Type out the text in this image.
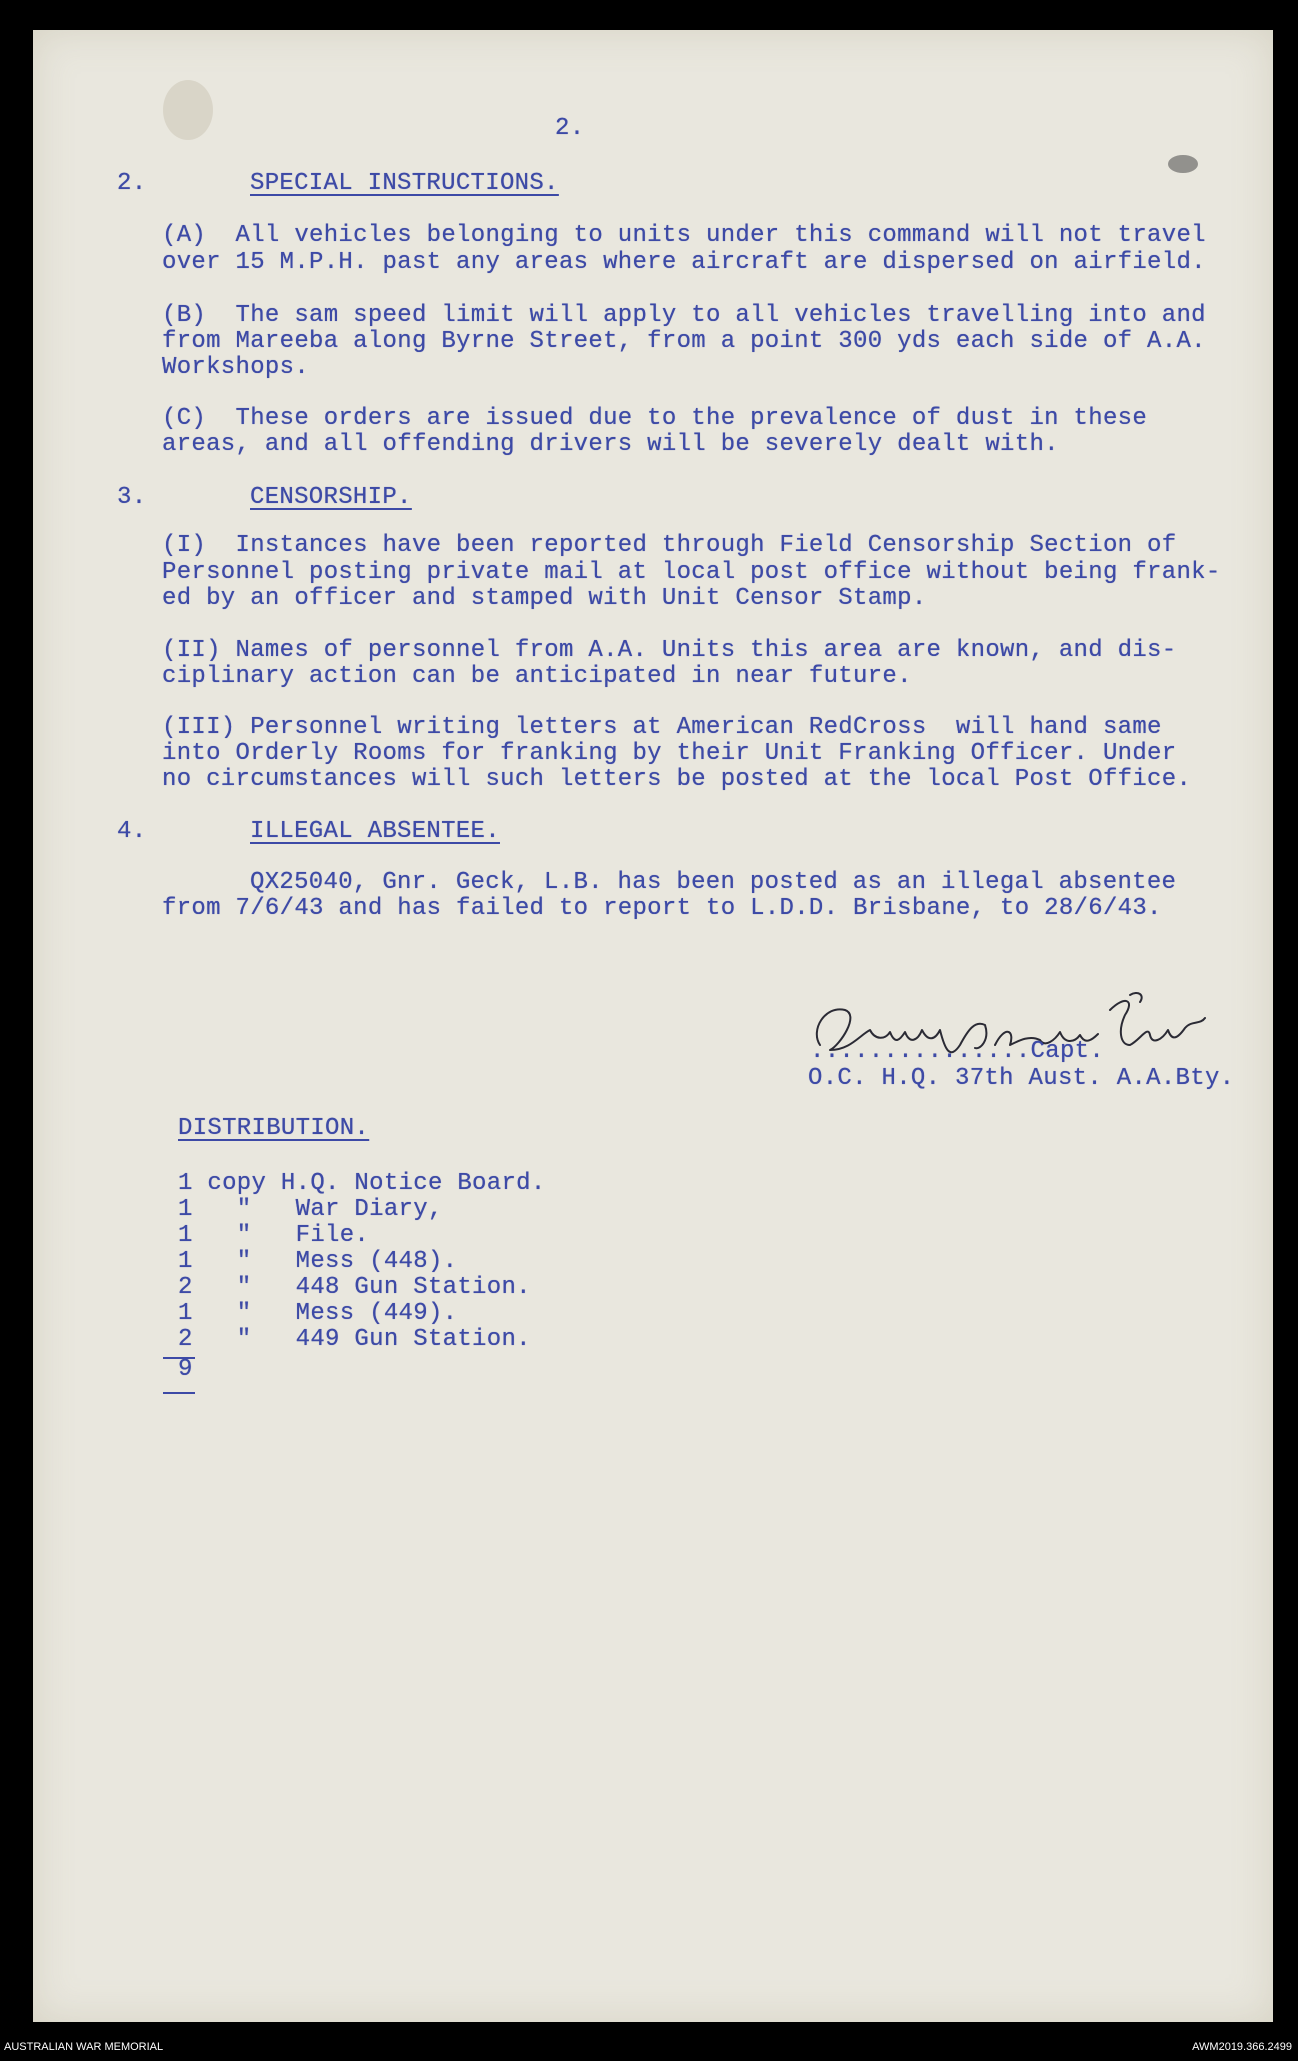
2.
2.	SPECIAL INSTRUCTIONS.
(A)  All vehicles belonging to units under this command will not travel
over 15 M.P.H. past any areas where aircraft are dispersed on airfield.
(B)  The sam speed limit will apply to all vehicles travelling into and
from Mareeba along Byrne Street, from a point 300 yds each side of A.A.
Workshops.
(C)  These orders are issued due to the prevalence of dust in these
areas, and all offending drivers will be severely dealt with.
3.	CENSORSHIP.
(I)  Instances have been reported through Field Censorship Section of
Personnel posting private mail at local post office without being frank-
ed by an officer and stamped with Unit Censor Stamp.
(II) Names of personnel from A.A. Units this area are known, and dis-
ciplinary action can be anticipated in near future.
(III) Personnel writing letters at American RedCross  will hand same
into Orderly Rooms for franking by their Unit Franking Officer. Under
no circumstances will such letters be posted at the local Post Office.
4.	ILLEGAL ABSENTEE.
QX25040, Gnr. Geck, L.B. has been posted as an illegal absentee
from 7/6/43 and has failed to report to L.D.D. Brisbane, to 28/6/43.
...............Capt.
O.C. H.Q. 37th Aust. A.A.Bty.
DISTRIBUTION.
1 copy H.Q. Notice Board.
1   "   War Diary,
1   "   File.
1   "   Mess (448).
2   "   448 Gun Station.
1   "   Mess (449).
2   "   449 Gun Station.
9
AUSTRALIAN WAR MEMORIAL	AWM2019.366.2499
